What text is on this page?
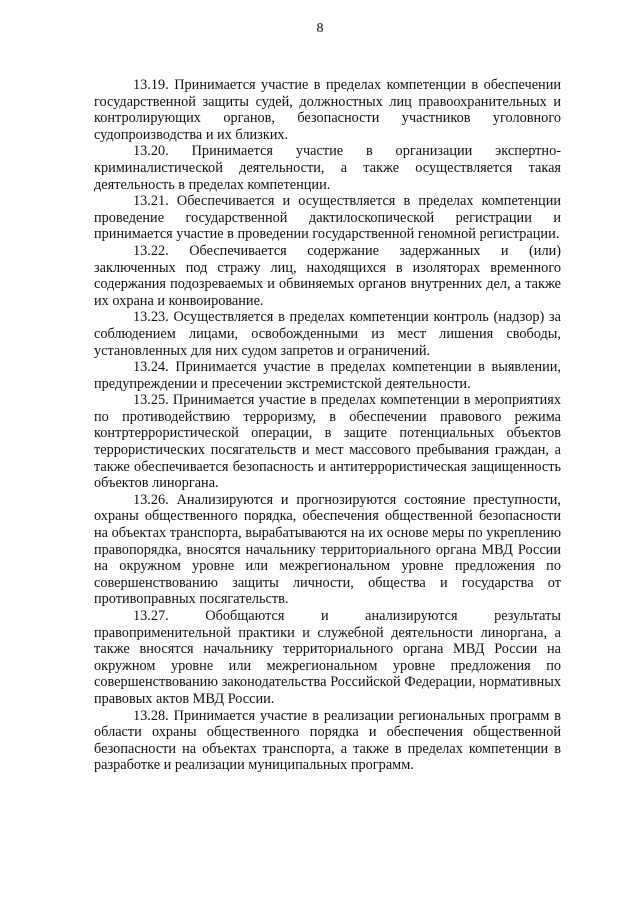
8

13.19. Принимается участие в пределах компетенции в обеспечении государственной защиты судей, должностных лиц правоохранительных и контролирующих органов, безопасности участников уголовного судопроизводства и их близких.

13.20. Принимается участие в организации экспертно-криминалистической деятельности, а также осуществляется такая деятельность в пределах компетенции.

13.21. Обеспечивается и осуществляется в пределах компетенции проведение государственной дактилоскопической регистрации и принимается участие в проведении государственной геномной регистрации.

13.22. Обеспечивается содержание задержанных и (или) заключенных под стражу лиц, находящихся в изоляторах временного содержания подозреваемых и обвиняемых органов внутренних дел, а также их охрана и конвоирование.

13.23. Осуществляется в пределах компетенции контроль (надзор) за соблюдением лицами, освобожденными из мест лишения свободы, установленных для них судом запретов и ограничений.

13.24. Принимается участие в пределах компетенции в выявлении, предупреждении и пресечении экстремистской деятельности.

13.25. Принимается участие в пределах компетенции в мероприятиях по противодействию терроризму, в обеспечении правового режима контртеррористической операции, в защите потенциальных объектов террористических посягательств и мест массового пребывания граждан, а также обеспечивается безопасность и антитеррористическая защищенность объектов линоргана.

13.26. Анализируются и прогнозируются состояние преступности, охраны общественного порядка, обеспечения общественной безопасности на объектах транспорта, вырабатываются на их основе меры по укреплению правопорядка, вносятся начальнику территориального органа МВД России на окружном уровне или межрегиональном уровне предложения по совершенствованию защиты личности, общества и государства от противоправных посягательств.

13.27.	Обобщаются и анализируются результаты правоприменительной практики и служебной деятельности линоргана, а также вносятся начальнику территориального органа МВД России на окружном уровне или межрегиональном уровне предложения по совершенствованию законодательства Российской Федерации, нормативных правовых актов МВД России.

13.28. Принимается участие в реализации региональных программ в области охраны общественного порядка и обеспечения общественной безопасности на объектах транспорта, а также в пределах компетенции в разработке и реализации муниципальных программ.
